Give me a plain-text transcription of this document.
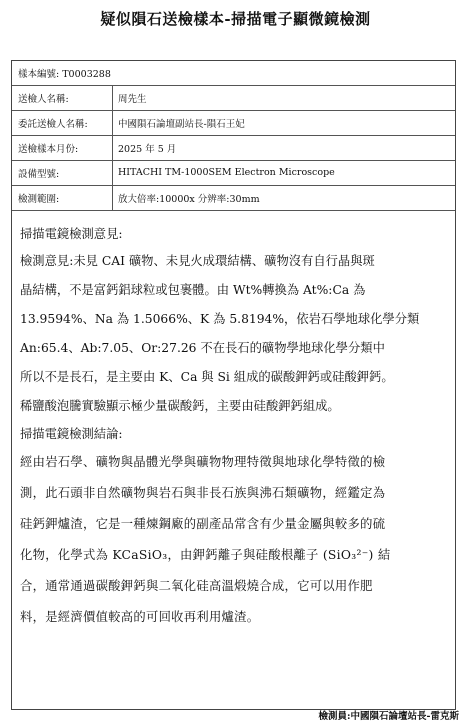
疑似隕石送檢樣本-掃描電子顯微鏡檢測
樣本編號: T0003288
送檢人名稱:	周先生
委託送檢人名稱:	中國隕石論壇副站長-隕石王妃
送檢樣本月份:	2025 年 5 月
設備型號:	HITACHI TM-1000SEM Electron Microscope
檢測範圍:	放大倍率:10000x 分辨率:30mm
掃描電鏡檢測意見:
檢測意見:未見 CAI 礦物、未見火成環結構、礦物沒有自行晶與斑
晶結構，不是富鈣鋁球粒或包裹體。由 Wt%轉換為 At%:Ca 為
13.9594%、Na 為 1.5066%、K 為 5.8194%，依岩石學地球化學分類
An:65.4、Ab:7.05、Or:27.26 不在長石的礦物學地球化學分類中
所以不是長石，是主要由 K、Ca 與 Si 組成的碳酸鉀鈣或硅酸鉀鈣。
稀鹽酸泡騰實驗顯示極少量碳酸鈣，主要由硅酸鉀鈣組成。
掃描電鏡檢測結論:
經由岩石學、礦物與晶體光學與礦物物理特徵與地球化學特徵的檢
測，此石頭非自然礦物與岩石與非長石族與沸石類礦物，經鑑定為
硅鈣鉀爐渣，它是一種煉鋼廠的副產品常含有少量金屬與較多的硫
化物，化學式為 KCaSiO₃，由鉀鈣離子與硅酸根離子 (SiO₃²⁻) 結
合，通常通過碳酸鉀鈣與二氧化硅高溫煅燒合成，它可以用作肥
料，是經濟價值較高的可回收再利用爐渣。
檢測員:中國隕石論壇站長-雷克斯
